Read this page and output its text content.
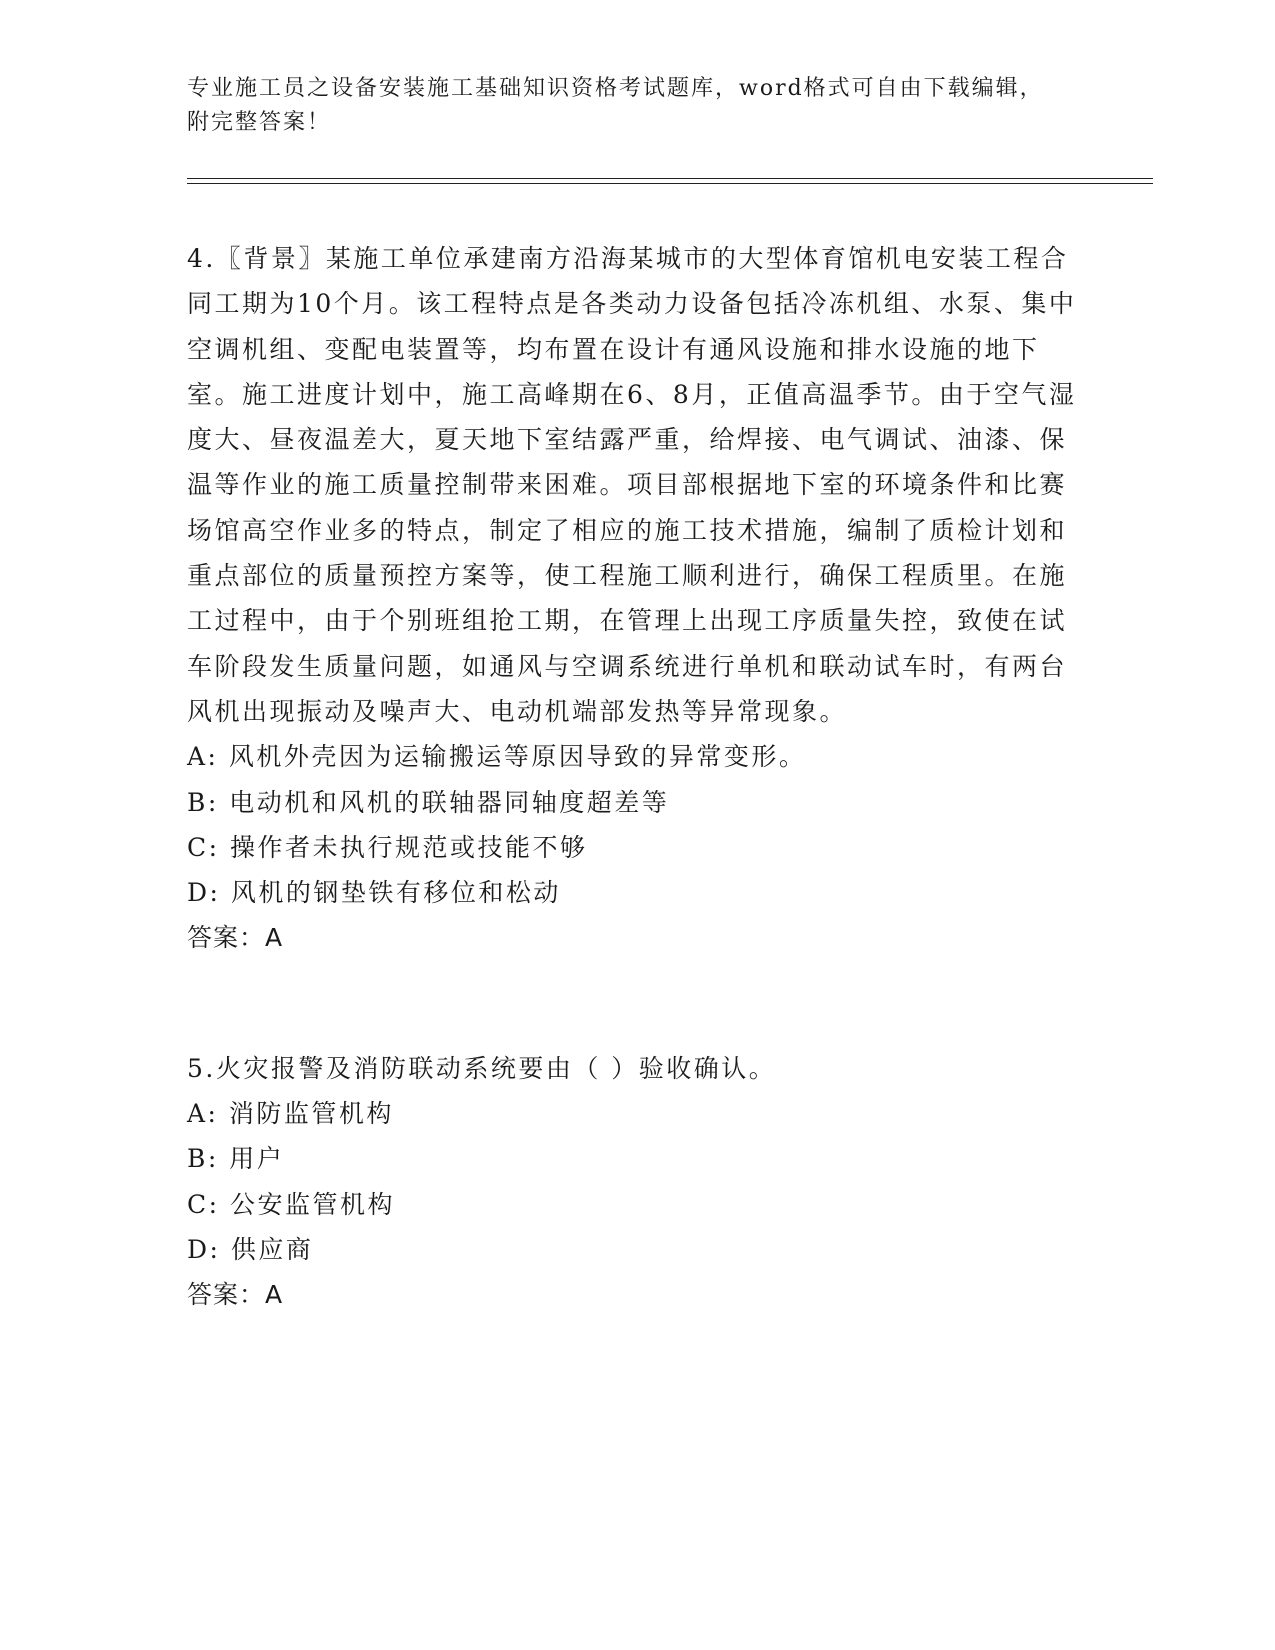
专业施工员之设备安装施工基础知识资格考试题库，word格式可自由下载编辑，
附完整答案！

4.〖背景〗某施工单位承建南方沿海某城市的大型体育馆机电安装工程合同工期为10个月。该工程特点是各类动力设备包括冷冻机组、水泵、集中空调机组、变配电装置等，均布置在设计有通风设施和排水设施的地下室。施工进度计划中，施工高峰期在6、8月，正值高温季节。由于空气湿度大、昼夜温差大，夏天地下室结露严重，给焊接、电气调试、油漆、保温等作业的施工质量控制带来困难。项目部根据地下室的环境条件和比赛场馆高空作业多的特点，制定了相应的施工技术措施，编制了质检计划和重点部位的质量预控方案等，使工程施工顺利进行，确保工程质里。在施工过程中，由于个别班组抢工期，在管理上出现工序质量失控，致使在试车阶段发生质量问题，如通风与空调系统进行单机和联动试车时，有两台风机出现振动及噪声大、电动机端部发热等异常现象。

A: 风机外壳因为运输搬运等原因导致的异常变形。

B: 电动机和风机的联轴器同轴度超差等

C: 操作者未执行规范或技能不够

D: 风机的钢垫铁有移位和松动

答案：A

5.火灾报警及消防联动系统要由（ ）验收确认。

A: 消防监管机构

B: 用户

C: 公安监管机构

D: 供应商

答案：A
